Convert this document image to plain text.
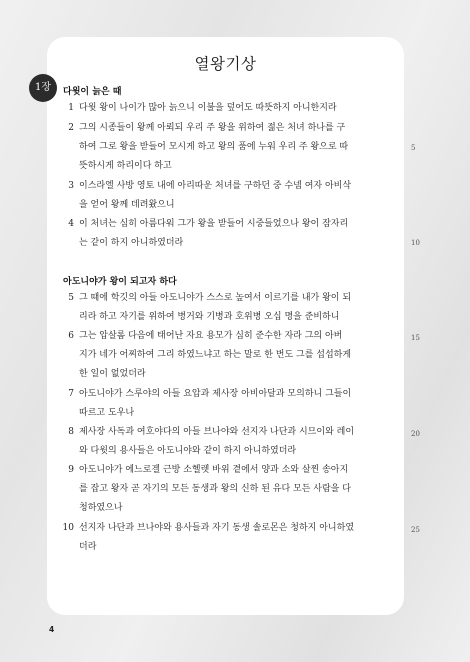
열왕기상
1장	다윗이 늙은 때
1 다윗 왕이 나이가 많아 늙으니 이불을 덮어도 따뜻하지 아니한지라
2 그의 시종들이 왕께 아뢰되 우리 주 왕을 위하여 젊은 처녀 하나를 구
하여 그로 왕을 받들어 모시게 하고 왕의 품에 누워 우리 주 왕으로 따
뜻하시게 하리이다 하고
3 이스라엘 사방 영토 내에 아리따운 처녀를 구하던 중 수넴 여자 아비삭
을 얻어 왕께 데려왔으니
4 이 처녀는 심히 아름다워 그가 왕을 받들어 시중들었으나 왕이 잠자리
는 같이 하지 아니하였더라
아도니야가 왕이 되고자 하다
5 그 때에 학깃의 아들 아도니야가 스스로 높여서 이르기를 내가 왕이 되
리라 하고 자기를 위하여 병거와 기병과 호위병 오십 명을 준비하니
6 그는 압살롬 다음에 태어난 자요 용모가 심히 준수한 자라 그의 아버
지가 네가 어찌하여 그리 하였느냐고 하는 말로 한 번도 그를 섭섭하게
한 일이 없었더라
7 아도니야가 스루야의 아들 요압과 제사장 아비아달과 모의하니 그들이
따르고 도우나
8 제사장 사독과 여호야다의 아들 브나야와 선지자 나단과 시므이와 레이
와 다윗의 용사들은 아도니야와 같이 하지 아니하였더라
9 아도니야가 에느로겔 근방 소헬렛 바위 곁에서 양과 소와 살찐 송아지
를 잡고 왕자 곧 자기의 모든 동생과 왕의 신하 된 유다 모든 사람을 다
청하였으나
10 선지자 나단과 브나야와 용사들과 자기 동생 솔로몬은 청하지 아니하였
더라
5
10
15
20
25
4
